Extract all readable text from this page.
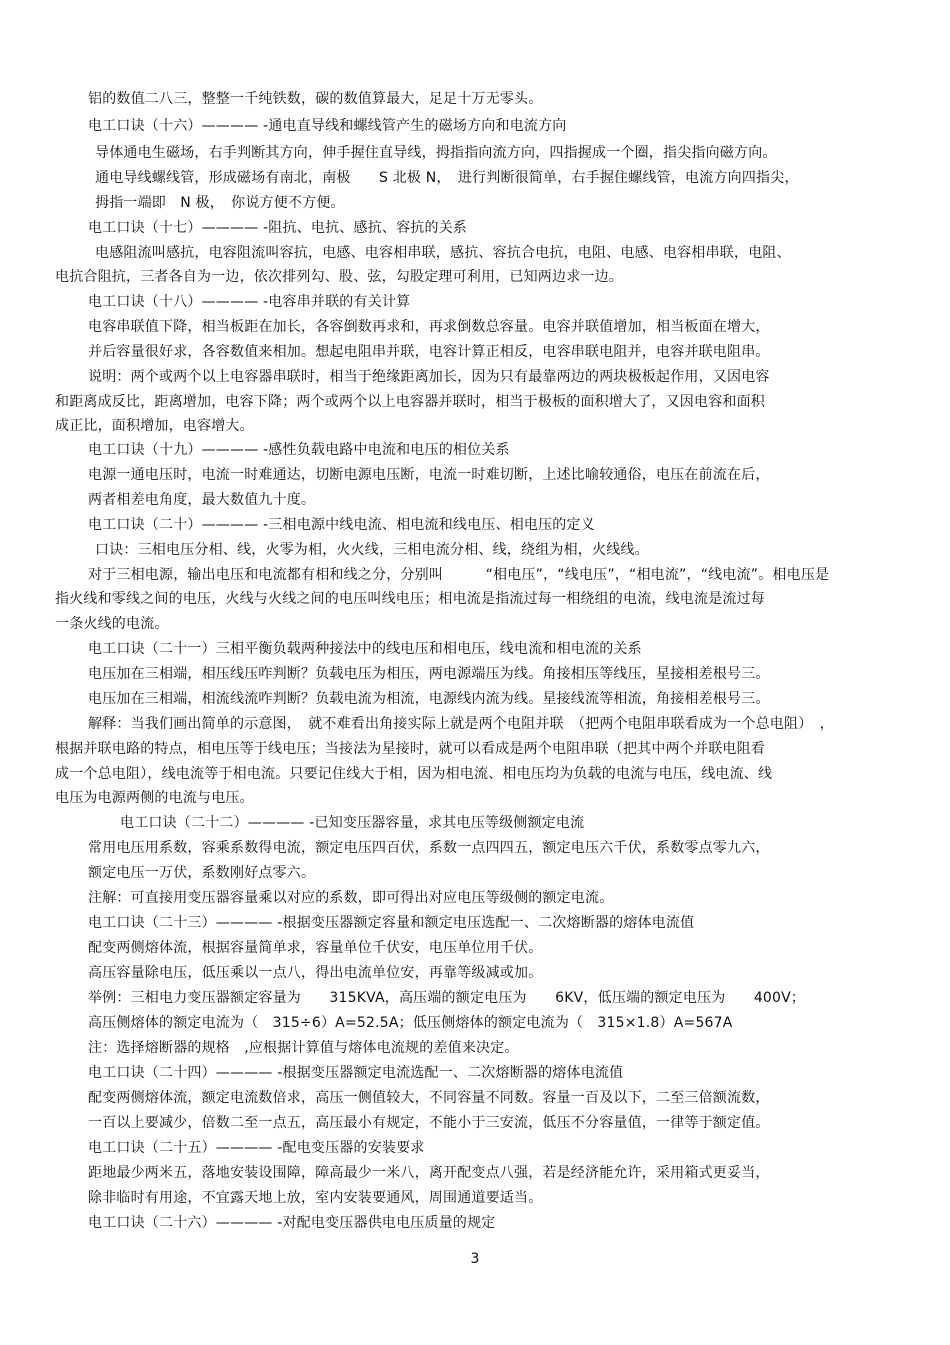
铝的数值二八三，整整一千纯铁数，碳的数值算最大，足足十万无零头。
电工口诀（十六）———— -通电直导线和螺线管产生的磁场方向和电流方向
导体通电生磁场，右手判断其方向，伸手握住直导线，拇指指向流方向，四指握成一个圈，指尖指向磁方向。
通电导线螺线管，形成磁场有南北，南极　　S 北极 N，　进行判断很简单，右手握住螺线管，电流方向四指尖，
拇指一端即　N 极，　你说方便不方便。
电工口诀（十七）———— -阻抗、电抗、感抗、容抗的关系
电感阻流叫感抗，电容阻流叫容抗，电感、电容相串联，感抗、容抗合电抗，电阻、电感、电容相串联，电阻、
电抗合阻抗，三者各自为一边，依次排列勾、股、弦，勾股定理可利用，已知两边求一边。
电工口诀（十八）———— -电容串并联的有关计算
电容串联值下降，相当板距在加长，各容倒数再求和，再求倒数总容量。电容并联值增加，相当板面在增大，
并后容量很好求，各容数值来相加。想起电阻串并联，电容计算正相反，电容串联电阻并，电容并联电阻串。
说明：两个或两个以上电容器串联时，相当于绝缘距离加长，因为只有最靠两边的两块极板起作用，又因电容
和距离成反比，距离增加，电容下降；两个或两个以上电容器并联时，相当于极板的面积增大了，又因电容和面积
成正比，面积增加，电容增大。
电工口诀（十九）———— -感性负载电路中电流和电压的相位关系
电源一通电压时，电流一时难通达，切断电源电压断，电流一时难切断，上述比喻较通俗，电压在前流在后，
两者相差电角度，最大数值九十度。
电工口诀（二十）———— -三相电源中线电流、相电流和线电压、相电压的定义
口诀：三相电压分相、线，火零为相，火火线，三相电流分相、线，绕组为相，火线线。
对于三相电源，输出电压和电流都有相和线之分，分别叫　　　“相电压”，“线电压”，“相电流”，“线电流”。相电压是
指火线和零线之间的电压，火线与火线之间的电压叫线电压；相电流是指流过每一相绕组的电流，线电流是流过每
一条火线的电流。
电工口诀（二十一）三相平衡负载两种接法中的线电压和相电压，线电流和相电流的关系
电压加在三相端，相压线压咋判断？负载电压为相压，两电源端压为线。角接相压等线压，星接相差根号三。
电压加在三相端，相流线流咋判断？负载电流为相流，电源线内流为线。星接线流等相流，角接相差根号三。
解释：当我们画出简单的示意图，　就不难看出角接实际上就是两个电阻并联　（把两个电阻串联看成为一个总电阻）　，
根据并联电路的特点，相电压等于线电压；当接法为星接时，就可以看成是两个电阻串联（把其中两个并联电阻看
成一个总电阻），线电流等于相电流。只要记住线大于相，因为相电流、相电压均为负载的电流与电压，线电流、线
电压为电源两侧的电流与电压。
电工口诀（二十二）———— -已知变压器容量，求其电压等级侧额定电流
常用电压用系数，容乘系数得电流，额定电压四百伏，系数一点四四五，额定电压六千伏，系数零点零九六，
额定电压一万伏，系数刚好点零六。
注解：可直接用变压器容量乘以对应的系数，即可得出对应电压等级侧的额定电流。
电工口诀（二十三）———— -根据变压器额定容量和额定电压选配一、二次熔断器的熔体电流值
配变两侧熔体流，根据容量简单求，容量单位千伏安，电压单位用千伏。
高压容量除电压，低压乘以一点八，得出电流单位安，再靠等级减或加。
举例：三相电力变压器额定容量为　　315KVA，高压端的额定电压为　　6KV，低压端的额定电压为　　400V；
高压侧熔体的额定电流为（　315÷6）A=52.5A；低压侧熔体的额定电流为（　315×1.8）A=567A
注：选择熔断器的规格　,应根据计算值与熔体电流规的差值来决定。
电工口诀（二十四）———— -根据变压器额定电流选配一、二次熔断器的熔体电流值
配变两侧熔体流，额定电流数倍求，高压一侧值较大，不同容量不同数。容量一百及以下，二至三倍额流数，
一百以上要减少，倍数二至一点五，高压最小有规定，不能小于三安流，低压不分容量值，一律等于额定值。
电工口诀（二十五）———— -配电变压器的安装要求
距地最少两米五，落地安装设围障，障高最少一米八，离开配变点八强，若是经济能允许，采用箱式更妥当，
除非临时有用途，不宜露天地上放，室内安装要通风，周围通道要适当。
电工口诀（二十六）———— -对配电变压器供电电压质量的规定
3
